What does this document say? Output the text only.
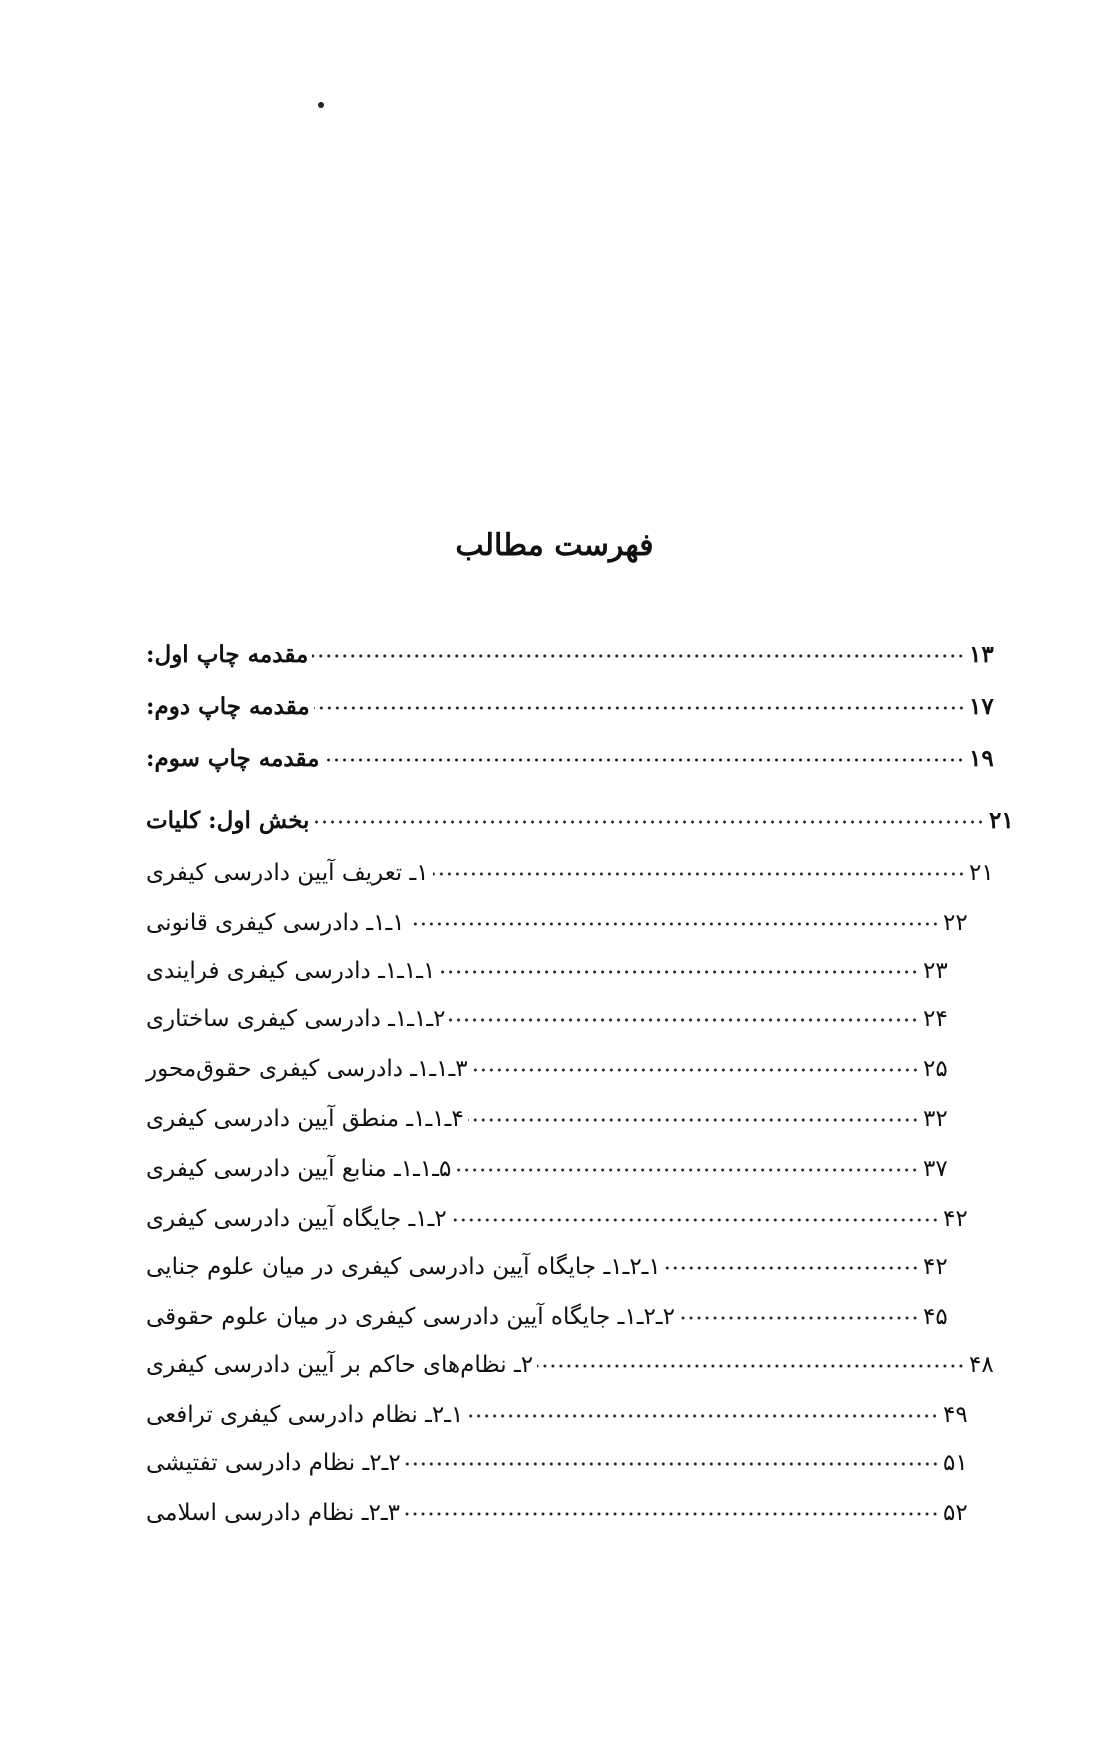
فهرست مطالب
مقدمه چاپ اول:	۱۳
مقدمه چاپ دوم:	۱۷
مقدمه چاپ سوم:	۱۹
بخش اول: کلیات	۲۱
۱ـ تعریف آیین دادرسی کیفری	۲۱
۱ـ۱ـ دادرسی کیفری قانونی	۲۲
۱ـ۱ـ۱ـ دادرسی کیفری فرایندی	۲۳
۲ـ۱ـ۱ـ دادرسی کیفری ساختاری	۲۴
۳ـ۱ـ۱ـ دادرسی کیفری حقوق‌محور	۲۵
۴ـ۱ـ۱ـ منطق آیین دادرسی کیفری	۳۲
۵ـ۱ـ۱ـ منابع آیین دادرسی کیفری	۳۷
۲ـ۱ـ جایگاه آیین دادرسی کیفری	۴۲
۱ـ۲ـ۱ـ جایگاه آیین دادرسی کیفری در میان علوم جنایی	۴۲
۲ـ۲ـ۱ـ جایگاه آیین دادرسی کیفری در میان علوم حقوقی	۴۵
۲ـ نظام‌های حاکم بر آیین دادرسی کیفری	۴۸
۱ـ۲ـ نظام دادرسی کیفری ترافعی	۴۹
۲ـ۲ـ نظام دادرسی تفتیشی	۵۱
۳ـ۲ـ نظام دادرسی اسلامی	۵۲
